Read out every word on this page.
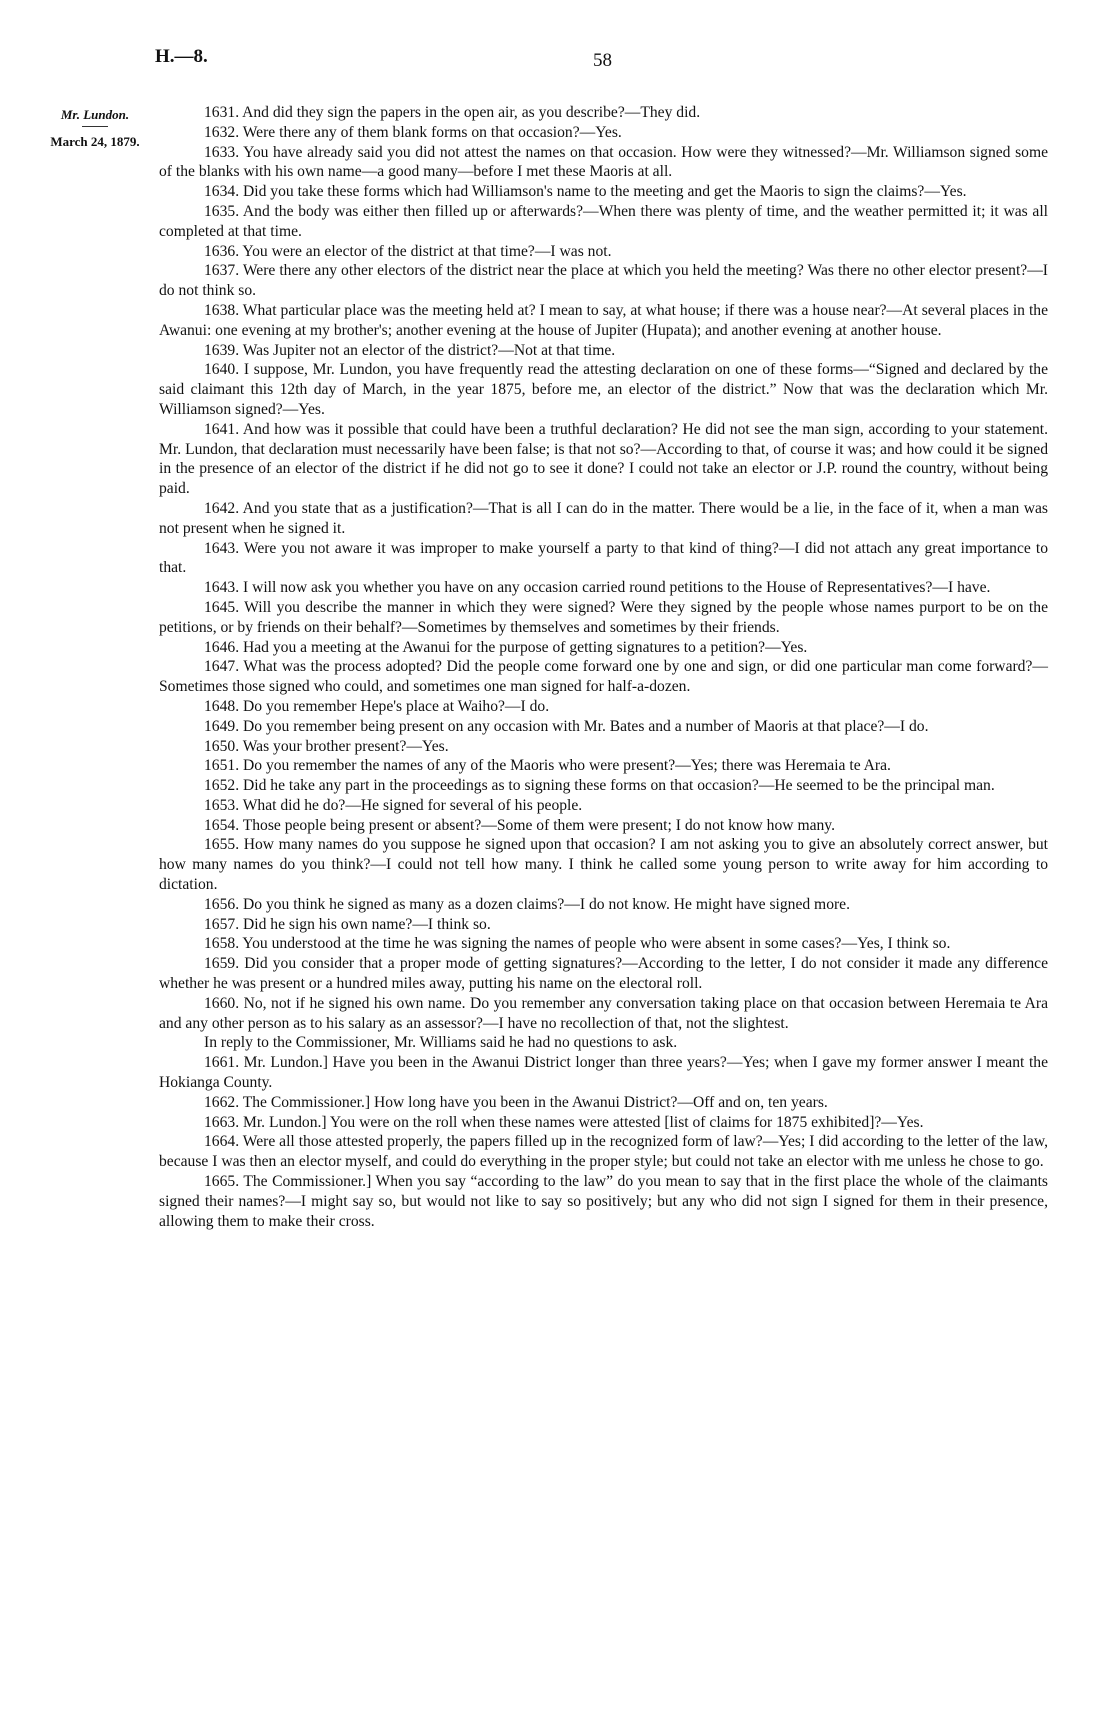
H.—8.	58
Mr. Lundon.
March 24, 1879.

1631. And did they sign the papers in the open air, as you describe?—They did.

1632. Were there any of them blank forms on that occasion?—Yes.

1633. You have already said you did not attest the names on that occasion. How were they witnessed?—Mr. Williamson signed some of the blanks with his own name—a good many—before I met these Maoris at all.

1634. Did you take these forms which had Williamson's name to the meeting and get the Maoris to sign the claims?—Yes.

1635. And the body was either then filled up or afterwards?—When there was plenty of time, and the weather permitted it; it was all completed at that time.

1636. You were an elector of the district at that time?—I was not.

1637. Were there any other electors of the district near the place at which you held the meeting? Was there no other elector present?—I do not think so.

1638. What particular place was the meeting held at? I mean to say, at what house; if there was a house near?—At several places in the Awanui: one evening at my brother's; another evening at the house of Jupiter (Hupata); and another evening at another house.

1639. Was Jupiter not an elector of the district?—Not at that time.

1640. I suppose, Mr. Lundon, you have frequently read the attesting declaration on one of these forms—“Signed and declared by the said claimant this 12th day of March, in the year 1875, before me, an elector of the district.” Now that was the declaration which Mr. Williamson signed?—Yes.

1641. And how was it possible that could have been a truthful declaration? He did not see the man sign, according to your statement. Mr. Lundon, that declaration must necessarily have been false; is that not so?—According to that, of course it was; and how could it be signed in the presence of an elector of the district if he did not go to see it done? I could not take an elector or J.P. round the country, without being paid.

1642. And you state that as a justification?—That is all I can do in the matter. There would be a lie, in the face of it, when a man was not present when he signed it.

1643. Were you not aware it was improper to make yourself a party to that kind of thing?—I did not attach any great importance to that.

1643. I will now ask you whether you have on any occasion carried round petitions to the House of Representatives?—I have.

1645. Will you describe the manner in which they were signed? Were they signed by the people whose names purport to be on the petitions, or by friends on their behalf?—Sometimes by themselves and sometimes by their friends.

1646. Had you a meeting at the Awanui for the purpose of getting signatures to a petition?—Yes.

1647. What was the process adopted? Did the people come forward one by one and sign, or did one particular man come forward?—Sometimes those signed who could, and sometimes one man signed for half-a-dozen.

1648. Do you remember Hepe's place at Waiho?—I do.

1649. Do you remember being present on any occasion with Mr. Bates and a number of Maoris at that place?—I do.

1650. Was your brother present?—Yes.

1651. Do you remember the names of any of the Maoris who were present?—Yes; there was Heremaia te Ara.

1652. Did he take any part in the proceedings as to signing these forms on that occasion?—He seemed to be the principal man.

1653. What did he do?—He signed for several of his people.

1654. Those people being present or absent?—Some of them were present; I do not know how many.

1655. How many names do you suppose he signed upon that occasion? I am not asking you to give an absolutely correct answer, but how many names do you think?—I could not tell how many. I think he called some young person to write away for him according to dictation.

1656. Do you think he signed as many as a dozen claims?—I do not know. He might have signed more.

1657. Did he sign his own name?—I think so.

1658. You understood at the time he was signing the names of people who were absent in some cases?—Yes, I think so.

1659. Did you consider that a proper mode of getting signatures?—According to the letter, I do not consider it made any difference whether he was present or a hundred miles away, putting his name on the electoral roll.

1660. No, not if he signed his own name. Do you remember any conversation taking place on that occasion between Heremaia te Ara and any other person as to his salary as an assessor?—I have no recollection of that, not the slightest.

In reply to the Commissioner, Mr. Williams said he had no questions to ask.

1661. Mr. Lundon.] Have you been in the Awanui District longer than three years?—Yes; when I gave my former answer I meant the Hokianga County.

1662. The Commissioner.] How long have you been in the Awanui District?—Off and on, ten years.

1663. Mr. Lundon.] You were on the roll when these names were attested [list of claims for 1875 exhibited]?—Yes.

1664. Were all those attested properly, the papers filled up in the recognized form of law?—Yes; I did according to the letter of the law, because I was then an elector myself, and could do everything in the proper style; but could not take an elector with me unless he chose to go.

1665. The Commissioner.] When you say “according to the law” do you mean to say that in the first place the whole of the claimants signed their names?—I might say so, but would not like to say so positively; but any who did not sign I signed for them in their presence, allowing them to make their cross.
